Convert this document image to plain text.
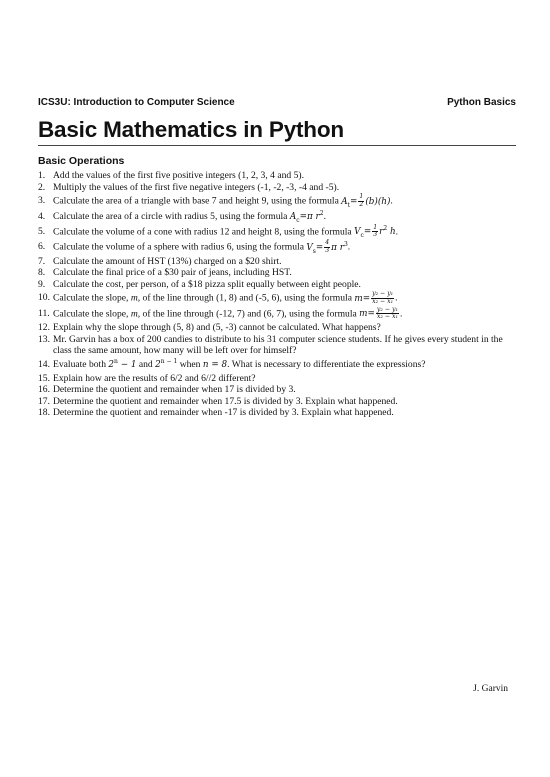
ICS3U: Introduction to Computer Science	Python Basics
Basic Mathematics in Python
Basic Operations
1. Add the values of the first five positive integers (1, 2, 3, 4 and 5).
2. Multiply the values of the first five negative integers (-1, -2, -3, -4 and -5).
3. Calculate the area of a triangle with base 7 and height 9, using the formula $A_t= \frac{1}{2} (b)(h)$.
4. Calculate the area of a circle with radius 5, using the formula $A_c=\pi$ $r^2$.
5. Calculate the volume of a cone with radius 12 and height 8, using the formula $V_c= \frac{1}{3} r^2$ h.
6. Calculate the volume of a sphere with radius 6, using the formula $V_s= \frac{4}{3}$ π $r^3$.
7. Calculate the amount of HST (13%) charged on a $20 shirt.
8. Calculate the final price of a $30 pair of jeans, including HST.
9. Calculate the cost, per person, of a $18 pizza split equally between eight people.
10. Calculate the slope, m, of the line through (1, 8) and (-5, 6), using the formula $m= \frac{\text{y₂ − y₁}}{\text{x₂ − x₁}}$ .
11. Calculate the slope, m, of the line through (-12, 7) and (6, 7), using the formula $m= \frac{\text{y₂ − y₁}}{\text{x₂ − x₁}}$ .
12. Explain why the slope through (5, 8) and (5, -3) cannot be calculated. What happens?
13. Mr. Garvin has a box of 200 candies to distribute to his 31 computer science students. If he gives every student in the class the same amount, how many will be left over for himself?
14. Evaluate both $2^n - 1$ and $2^{n - 1}$ when n = 8. What is necessary to differentiate the expressions?
15. Explain how are the results of 6/2 and 6//2 different?
16. Determine the quotient and remainder when 17 is divided by 3.
17. Determine the quotient and remainder when 17.5 is divided by 3. Explain what happened.
18. Determine the quotient and remainder when -17 is divided by 3. Explain what happened.
J. Garvin
